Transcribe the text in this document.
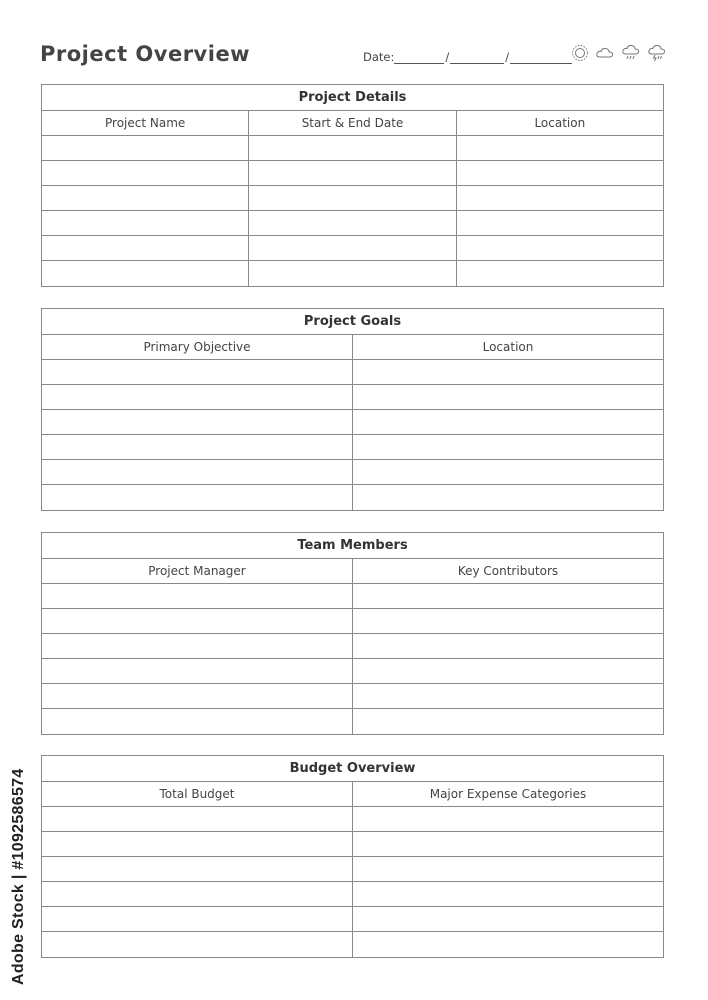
Project Overview	Date:	/	/
Project Details
Project Name	Start & End Date	Location
Project Goals
Primary Objective	Location
Team Members
Project Manager	Key Contributors
Budget Overview
Total Budget	Major Expense Categories
Adobe Stock | #1092586574
